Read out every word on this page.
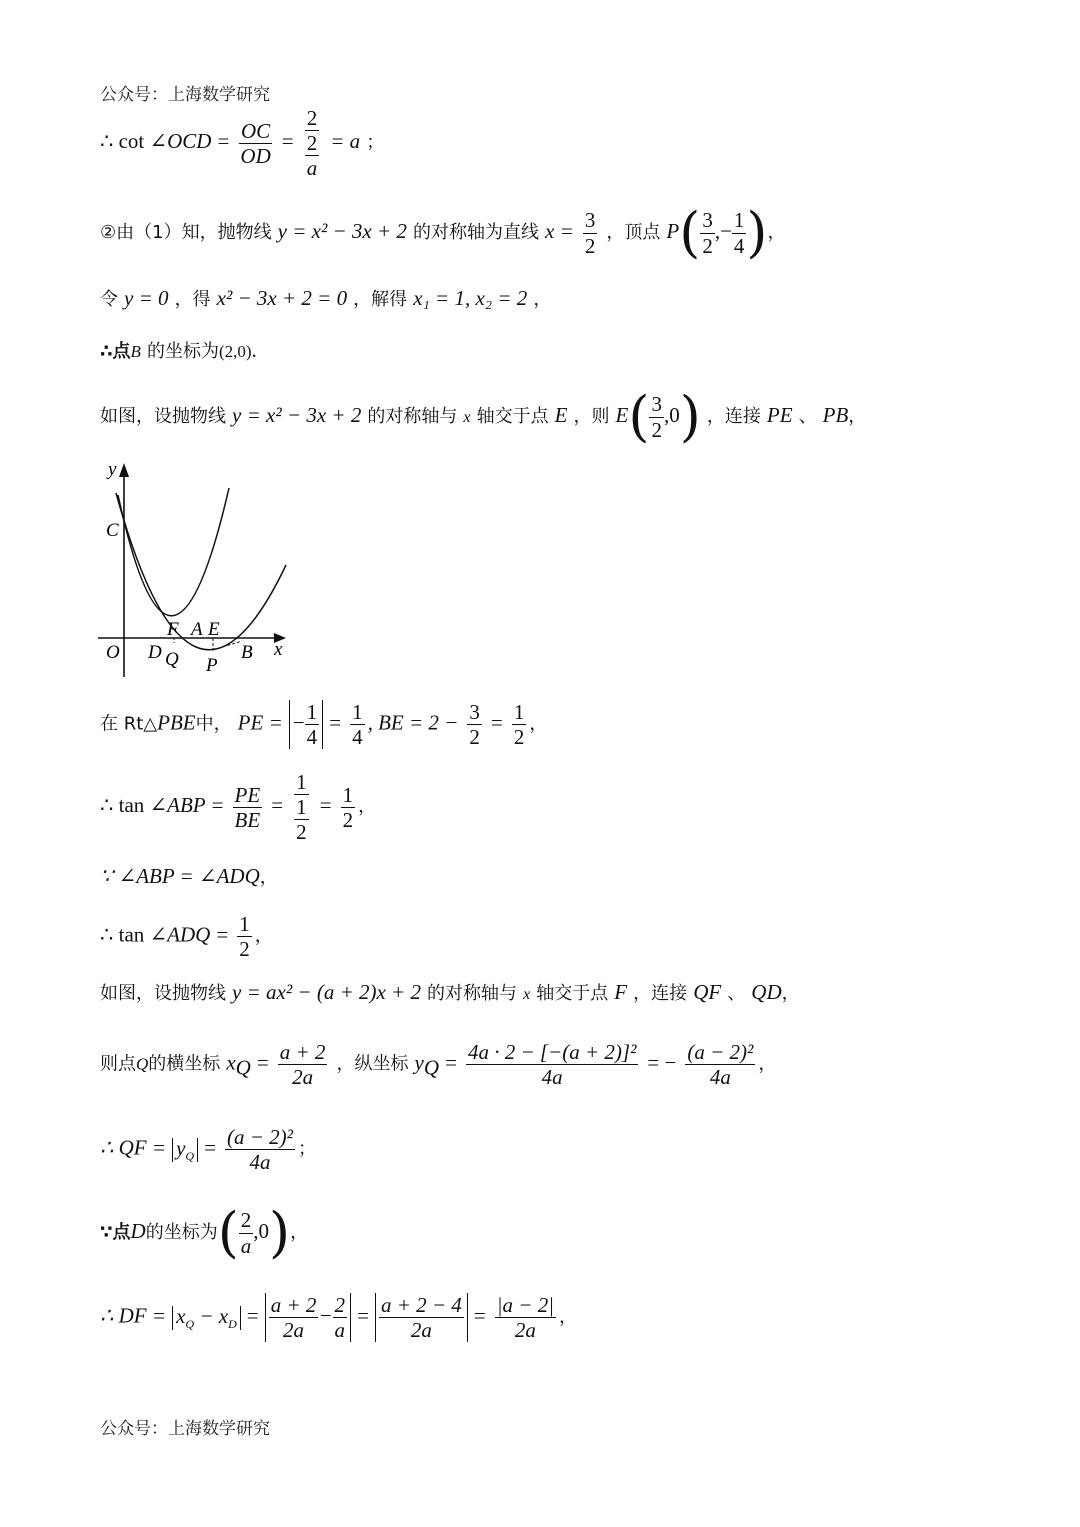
公众号：上海数学研究
∴ cot ∠OCD = $\frac{OC}{OD} = \frac{2}{\frac{2}{a}} = a$ ；
②由（1）知，抛物线 y = x² − 3x + 2 的对称轴为直线 $x = \frac{3}{2}$ ，顶点 $P( \frac{3}{2}$ ,− $\frac{1}{4}$ )，
令 y = 0 ，得 x² − 3x + 2 = 0 ，解得 x₁ = 1, x₂ = 2 ，
∴点B 的坐标为(2,0).
如图，设抛物线 y = x² − 3x + 2 的对称轴与 x 轴交于点 E ，则 $E( \frac{3}{2} ,0)$ ，连接 PE 、 PB，
y
C
O D
F
Q
A E
P
B x
在 Rt△PBE中， PE = − $\frac{1}{4} = \frac{1}{4}$ , BE = $2 - \frac{3}{2} = \frac{1}{2}$ ，
∴ tan ∠ABP = $\frac{PE}{BE} = \frac{1}{\frac{1}{2}} = \frac{1}{2}$ ，
∵ ∠ABP = ∠ADQ，
∴ tan ∠ADQ = $\frac{1}{2}$ ，
如图，设抛物线 y = ax² − (a + 2)x + 2 的对称轴与 x 轴交于点 F ，连接 QF 、 QD，
则点Q的横坐标 $x_Q = \frac{a + 2}{2a}$ ，纵坐标 $y_Q = \frac{\text{4a · 2 − [−(a + 2)]²}}{4a}$ = − $\frac{\text{(a − 2)²}}{4a}$ ，
∴ QF = $y_Q = \frac{\text{(a − 2)²}}{4a}$ ；
∵点D的坐标为( $\frac{2}{a} ,0$)，
∴ DF = $x_Q - x_D = \frac{a + 2}{2a} - \frac{2}{a} = \frac{a + 2 - 4}{2a} = \frac{|a - 2|}{2a}$ ，
公众号：上海数学研究
